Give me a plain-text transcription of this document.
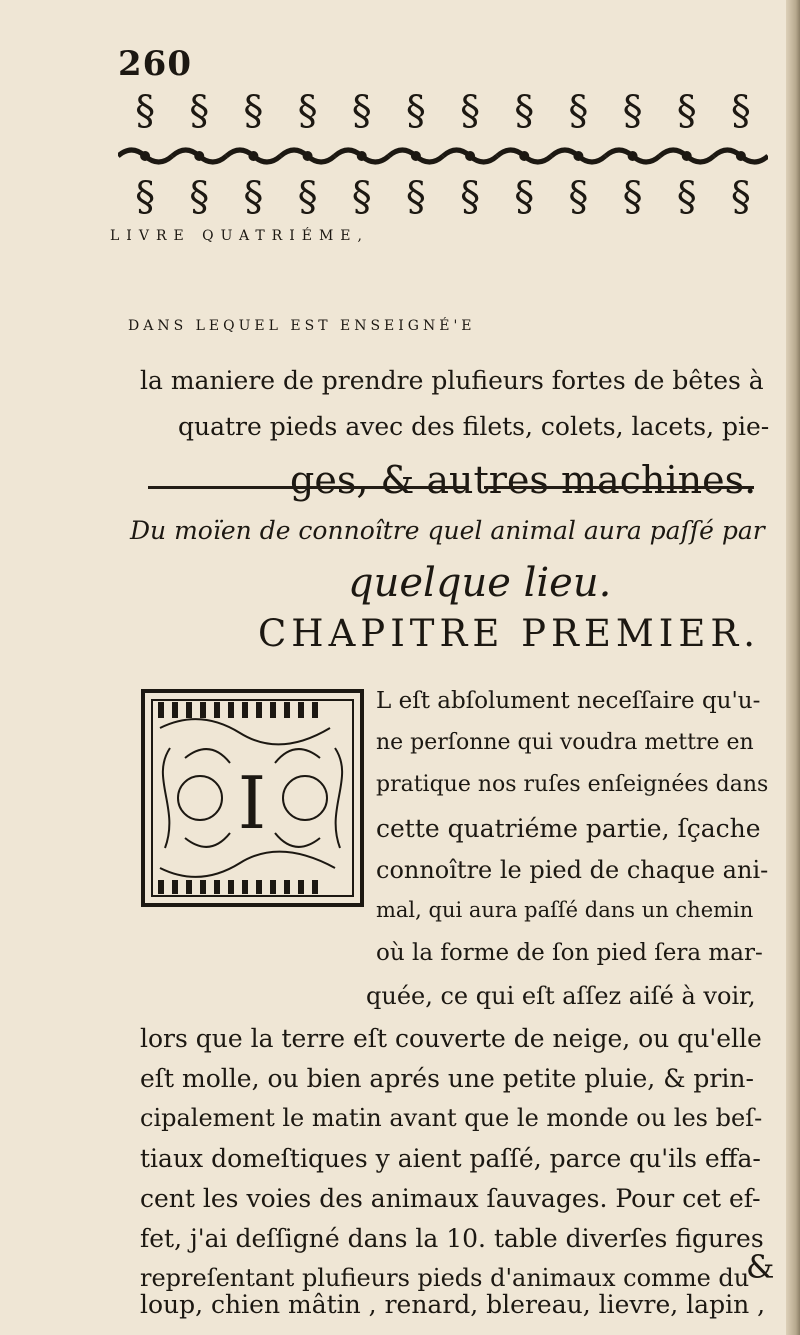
260
§ § § § § § § § § § § §
§ § § § § § § § § § § §
LIVRE QUATRIÉME,
DANS LEQUEL EST ENSEIGNÉ'E
la maniere de prendre plufieurs fortes de bêtes à
quatre pieds avec des filets, colets, lacets, pie-
ges, & autres machines.
Du moïen de connoître quel animal aura paſſé par
quelque lieu.
CHAPITRE PREMIER.
I
L eſt abſolument neceſſaire qu'u-
ne perſonne qui voudra mettre en
pratique nos ruſes enſeignées dans
cette quatriéme partie, ſçache
connoître le pied de chaque ani-
mal, qui aura paſſé dans un chemin
où la forme de ſon pied ſera mar-
quée, ce qui eſt aſſez aiſé à voir,
lors que la terre eſt couverte de neige, ou qu'elle
eſt molle, ou bien aprés une petite pluie, & prin-
cipalement le matin avant que le monde ou les beſ-
tiaux domeſtiques y aient paſſé, parce qu'ils effa-
cent les voies des animaux ſauvages. Pour cet ef-
fet, j'ai deſſigné dans la 10. table diverſes figures
repreſentant plufieurs pieds d'animaux comme du
&
loup, chien mâtin , renard, blereau, lievre, lapin ,
